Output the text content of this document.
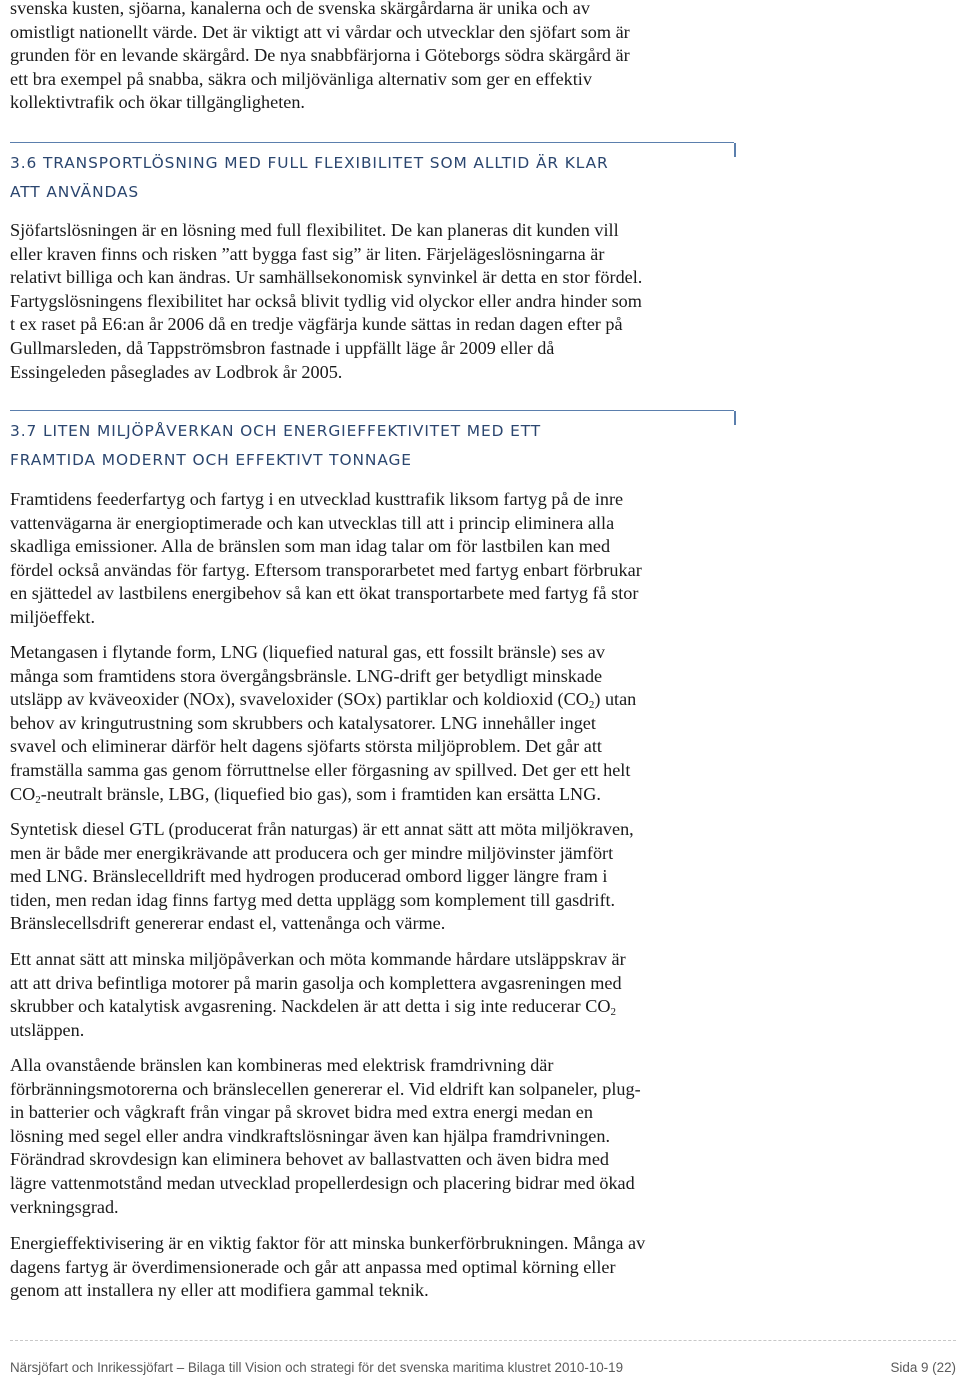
svenska kusten, sjöarna, kanalerna och de svenska skärgårdarna är unika och av
omistligt nationellt värde. Det är viktigt att vi vårdar och utvecklar den sjöfart som är
grunden för en levande skärgård. De nya snabbfärjorna i Göteborgs södra skärgård är
ett bra exempel på snabba, säkra och miljövänliga alternativ som ger en effektiv
kollektivtrafik och ökar tillgängligheten.
3.6 TRANSPORTLÖSNING MED FULL FLEXIBILITET SOM ALLTID ÄR KLAR
ATT ANVÄNDAS
Sjöfartslösningen är en lösning med full flexibilitet. De kan planeras dit kunden vill
eller kraven finns och risken ”att bygga fast sig” är liten. Färjelägeslösningarna är
relativt billiga och kan ändras. Ur samhällsekonomisk synvinkel är detta en stor fördel.
Fartygslösningens flexibilitet har också blivit tydlig vid olyckor eller andra hinder som
t ex raset på E6:an år 2006 då en tredje vägfärja kunde sättas in redan dagen efter på
Gullmarsleden, då Tappströmsbron fastnade i uppfällt läge år 2009 eller då
Essingeleden påseglades av Lodbrok år 2005.
3.7 LITEN MILJÖPÅVERKAN OCH ENERGIEFFEKTIVITET MED ETT
FRAMTIDA MODERNT OCH EFFEKTIVT TONNAGE
Framtidens feederfartyg och fartyg i en utvecklad kusttrafik liksom fartyg på de inre
vattenvägarna är energioptimerade och kan utvecklas till att i princip eliminera alla
skadliga emissioner. Alla de bränslen som man idag talar om för lastbilen kan med
fördel också användas för fartyg. Eftersom transporarbetet med fartyg enbart förbrukar
en sjättedel av lastbilens energibehov så kan ett ökat transportarbete med fartyg få stor
miljöeffekt.
Metangasen i flytande form, LNG (liquefied natural gas, ett fossilt bränsle) ses av
många som framtidens stora övergångsbränsle. LNG-drift ger betydligt minskade
utsläpp av kväveoxider (NOx), svaveloxider (SOx) partiklar och koldioxid $(CO_2)$ utan
behov av kringutrustning som skrubbers och katalysatorer. LNG innehåller inget
svavel och eliminerar därför helt dagens sjöfarts största miljöproblem. Det går att
framställa samma gas genom förruttnelse eller förgasning av spillved. Det ger ett helt
$CO_2$-neutralt bränsle, LBG, (liquefied bio gas), som i framtiden kan ersätta LNG.
Syntetisk diesel GTL (producerat från naturgas) är ett annat sätt att möta miljökraven,
men är både mer energikrävande att producera och ger mindre miljövinster jämfört
med LNG. Bränslecelldrift med hydrogen producerad ombord ligger längre fram i
tiden, men redan idag finns fartyg med detta upplägg som komplement till gasdrift.
Bränslecellsdrift genererar endast el, vattenånga och värme.
Ett annat sätt att minska miljöpåverkan och möta kommande hårdare utsläppskrav är
att att driva befintliga motorer på marin gasolja och komplettera avgasreningen med
skrubber och katalytisk avgasrening. Nackdelen är att detta i sig inte reducerar $CO_2$
utsläppen.
Alla ovanstående bränslen kan kombineras med elektrisk framdrivning där
förbränningsmotorerna och bränslecellen genererar el. Vid eldrift kan solpaneler, plug-
in batterier och vågkraft från vingar på skrovet bidra med extra energi medan en
lösning med segel eller andra vindkraftslösningar även kan hjälpa framdrivningen.
Förändrad skrovdesign kan eliminera behovet av ballastvatten och även bidra med
lägre vattenmotstånd medan utvecklad propellerdesign och placering bidrar med ökad
verkningsgrad.
Energieffektivisering är en viktig faktor för att minska bunkerförbrukningen. Många av
dagens fartyg är överdimensionerade och går att anpassa med optimal körning eller
genom att installera ny eller att modifiera gammal teknik.
Närsjöfart och Inrikessjöfart – Bilaga till Vision och strategi för det svenska maritima klustret 2010-10-19	Sida 9 (22)
